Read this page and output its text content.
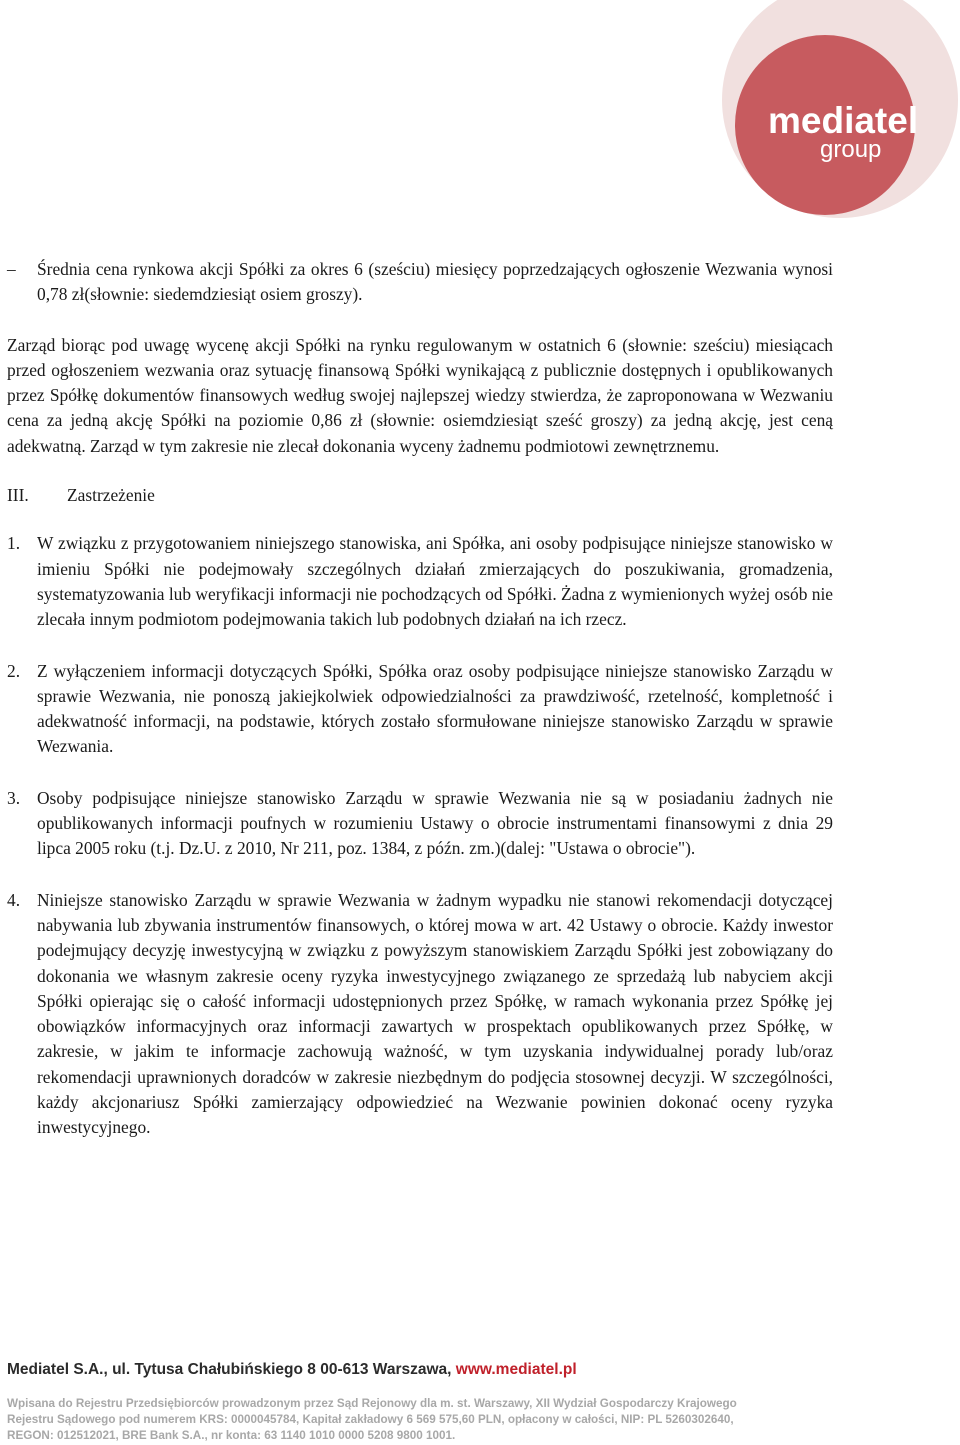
mediatel
group
–	Średnia cena rynkowa akcji Spółki za okres 6 (sześciu) miesięcy poprzedzających ogłoszenie Wezwania wynosi 0,78 zł(słownie: siedemdziesiąt osiem groszy).
Zarząd biorąc pod uwagę wycenę akcji Spółki na rynku regulowanym w ostatnich 6 (słownie: sześciu) miesiącach przed ogłoszeniem wezwania oraz sytuację finansową Spółki wynikającą z publicznie dostępnych i opublikowanych przez Spółkę dokumentów finansowych według swojej najlepszej wiedzy stwierdza, że zaproponowana w Wezwaniu cena za jedną akcję Spółki na poziomie 0,86 zł (słownie: osiemdziesiąt sześć groszy) za jedną akcję, jest ceną adekwatną. Zarząd w tym zakresie nie zlecał dokonania wyceny żadnemu podmiotowi zewnętrznemu.
III.	Zastrzeżenie
1. W związku z przygotowaniem niniejszego stanowiska, ani Spółka, ani osoby podpisujące niniejsze stanowisko w imieniu Spółki nie podejmowały szczególnych działań zmierzających do poszukiwania, gromadzenia, systematyzowania lub weryfikacji informacji nie pochodzących od Spółki. Żadna z wymienionych wyżej osób nie zlecała innym podmiotom podejmowania takich lub podobnych działań na ich rzecz.
2. Z wyłączeniem informacji dotyczących Spółki, Spółka oraz osoby podpisujące niniejsze stanowisko Zarządu w sprawie Wezwania, nie ponoszą jakiejkolwiek odpowiedzialności za prawdziwość, rzetelność, kompletność i adekwatność informacji, na podstawie, których zostało sformułowane niniejsze stanowisko Zarządu w sprawie Wezwania.
3. Osoby podpisujące niniejsze stanowisko Zarządu w sprawie Wezwania nie są w posiadaniu żadnych nie opublikowanych informacji poufnych w rozumieniu Ustawy o obrocie instrumentami finansowymi z dnia 29 lipca 2005 roku (t.j. Dz.U. z 2010, Nr 211, poz. 1384, z późn. zm.)(dalej: "Ustawa o obrocie").
4. Niniejsze stanowisko Zarządu w sprawie Wezwania w żadnym wypadku nie stanowi rekomendacji dotyczącej nabywania lub zbywania instrumentów finansowych, o której mowa w art. 42 Ustawy o obrocie. Każdy inwestor podejmujący decyzję inwestycyjną w związku z powyższym stanowiskiem Zarządu Spółki jest zobowiązany do dokonania we własnym zakresie oceny ryzyka inwestycyjnego związanego ze sprzedażą lub nabyciem akcji Spółki opierając się o całość informacji udostępnionych przez Spółkę, w ramach wykonania przez Spółkę jej obowiązków informacyjnych oraz informacji zawartych w prospektach opublikowanych przez Spółkę, w zakresie, w jakim te informacje zachowują ważność, w tym uzyskania indywidualnej porady lub/oraz rekomendacji uprawnionych doradców w zakresie niezbędnym do podjęcia stosownej decyzji. W szczególności, każdy akcjonariusz Spółki zamierzający odpowiedzieć na Wezwanie powinien dokonać oceny ryzyka inwestycyjnego.
Mediatel S.A., ul. Tytusa Chałubińskiego 8 00-613 Warszawa, www.mediatel.pl
Wpisana do Rejestru Przedsiębiorców prowadzonym przez Sąd Rejonowy dla m. st. Warszawy, XII Wydział Gospodarczy Krajowego
Rejestru Sądowego pod numerem KRS: 0000045784, Kapitał zakładowy 6 569 575,60 PLN, opłacony w całości, NIP: PL 5260302640,
REGON: 012512021, BRE Bank S.A., nr konta: 63 1140 1010 0000 5208 9800 1001.
